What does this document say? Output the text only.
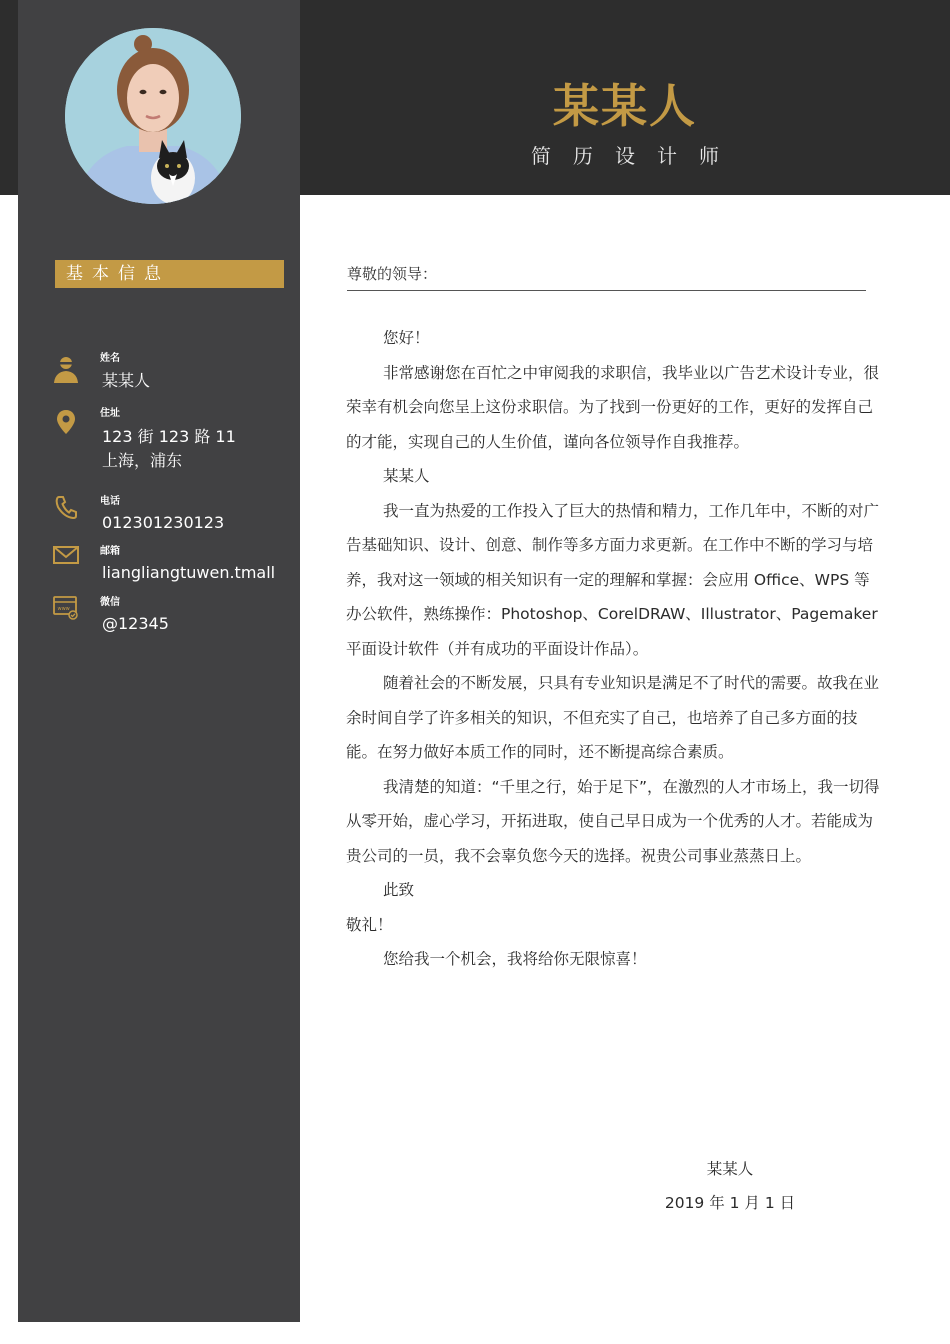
某某人
简历设计师
基本信息
姓名
某某人
住址
123 街 123 路 11
上海，浦东
电话
012301230123
邮箱
liangliangtuwen.tmall
www
微信
@12345
尊敬的领导：

您好！

非常感谢您在百忙之中审阅我的求职信，我毕业以广告艺术设计专业，很荣幸有机会向您呈上这份求职信。为了找到一份更好的工作，更好的发挥自己的才能，实现自己的人生价值，谨向各位领导作自我推荐。

某某人

我一直为热爱的工作投入了巨大的热情和精力，工作几年中，不断的对广告基础知识、设计、创意、制作等多方面力求更新。在工作中不断的学习与培养，我对这一领域的相关知识有一定的理解和掌握：会应用 Office、WPS 等办公软件，熟练操作：Photoshop、CorelDRAW、Illustrator、Pagemaker 平面设计软件（并有成功的平面设计作品）。

随着社会的不断发展，只具有专业知识是满足不了时代的需要。故我在业余时间自学了许多相关的知识，不但充实了自己，也培养了自己多方面的技能。在努力做好本质工作的同时，还不断提高综合素质。

我清楚的知道：“千里之行，始于足下”，在激烈的人才市场上，我一切得从零开始，虚心学习，开拓进取，使自己早日成为一个优秀的人才。若能成为贵公司的一员，我不会辜负您今天的选择。祝贵公司事业蒸蒸日上。

此致

敬礼！

您给我一个机会，我将给你无限惊喜！

某某人
2019 年 1 月 1 日
